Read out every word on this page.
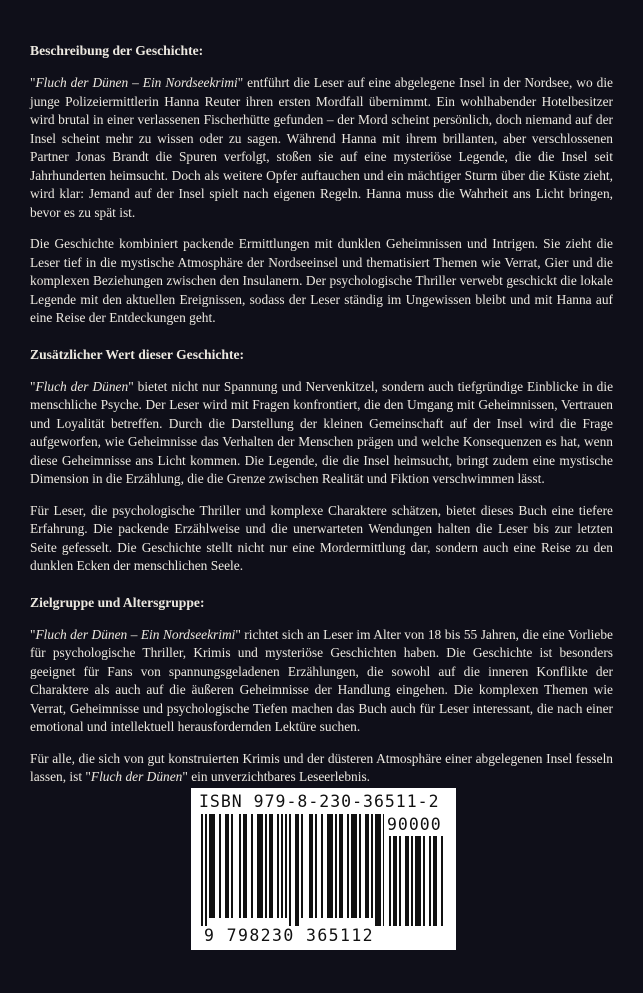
Beschreibung der Geschichte:

"Fluch der Dünen – Ein Nordseekrimi" entführt die Leser auf eine abgelegene Insel in der Nordsee, wo die junge Polizeiermittlerin Hanna Reuter ihren ersten Mordfall übernimmt. Ein wohlhabender Hotelbesitzer wird brutal in einer verlassenen Fischerhütte gefunden – der Mord scheint persönlich, doch niemand auf der Insel scheint mehr zu wissen oder zu sagen. Während Hanna mit ihrem brillanten, aber verschlossenen Partner Jonas Brandt die Spuren verfolgt, stoßen sie auf eine mysteriöse Legende, die die Insel seit Jahrhunderten heimsucht. Doch als weitere Opfer auftauchen und ein mächtiger Sturm über die Küste zieht, wird klar: Jemand auf der Insel spielt nach eigenen Regeln. Hanna muss die Wahrheit ans Licht bringen, bevor es zu spät ist.

Die Geschichte kombiniert packende Ermittlungen mit dunklen Geheimnissen und Intrigen. Sie zieht die Leser tief in die mystische Atmosphäre der Nordseeinsel und thematisiert Themen wie Verrat, Gier und die komplexen Beziehungen zwischen den Insulanern. Der psychologische Thriller verwebt geschickt die lokale Legende mit den aktuellen Ereignissen, sodass der Leser ständig im Ungewissen bleibt und mit Hanna auf eine Reise der Entdeckungen geht.

Zusätzlicher Wert dieser Geschichte:

"Fluch der Dünen" bietet nicht nur Spannung und Nervenkitzel, sondern auch tiefgründige Einblicke in die menschliche Psyche. Der Leser wird mit Fragen konfrontiert, die den Umgang mit Geheimnissen, Vertrauen und Loyalität betreffen. Durch die Darstellung der kleinen Gemeinschaft auf der Insel wird die Frage aufgeworfen, wie Geheimnisse das Verhalten der Menschen prägen und welche Konsequenzen es hat, wenn diese Geheimnisse ans Licht kommen. Die Legende, die die Insel heimsucht, bringt zudem eine mystische Dimension in die Erzählung, die die Grenze zwischen Realität und Fiktion verschwimmen lässt.

Für Leser, die psychologische Thriller und komplexe Charaktere schätzen, bietet dieses Buch eine tiefere Erfahrung. Die packende Erzählweise und die unerwarteten Wendungen halten die Leser bis zur letzten Seite gefesselt. Die Geschichte stellt nicht nur eine Mordermittlung dar, sondern auch eine Reise zu den dunklen Ecken der menschlichen Seele.

Zielgruppe und Altersgruppe:

"Fluch der Dünen – Ein Nordseekrimi" richtet sich an Leser im Alter von 18 bis 55 Jahren, die eine Vorliebe für psychologische Thriller, Krimis und mysteriöse Geschichten haben. Die Geschichte ist besonders geeignet für Fans von spannungsgeladenen Erzählungen, die sowohl auf die inneren Konflikte der Charaktere als auch auf die äußeren Geheimnisse der Handlung eingehen. Die komplexen Themen wie Verrat, Geheimnisse und psychologische Tiefen machen das Buch auch für Leser interessant, die nach einer emotional und intellektuell herausfordernden Lektüre suchen.

Für alle, die sich von gut konstruierten Krimis und der düsteren Atmosphäre einer abgelegenen Insel fesseln lassen, ist "Fluch der Dünen" ein unverzichtbares Leseerlebnis.

ISBN 979-8-230-36511-2
90000
9 798230 365112
